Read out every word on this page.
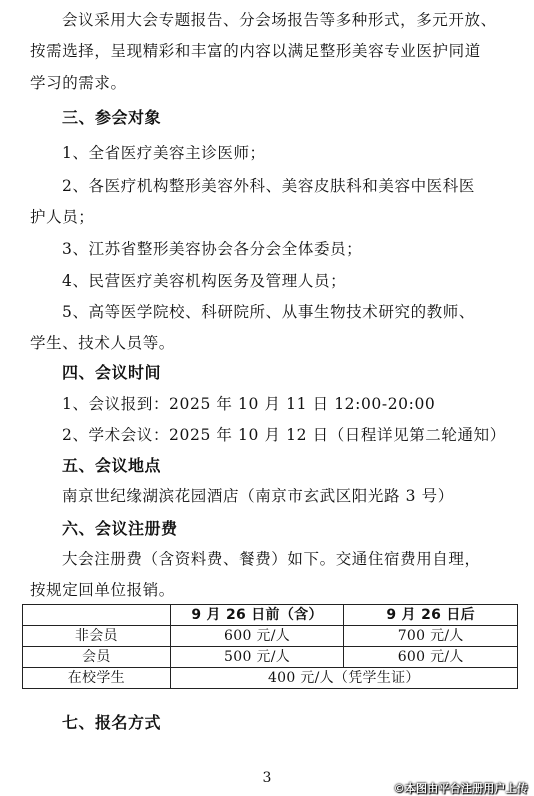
会议采用大会专题报告、分会场报告等多种形式，多元开放、
按需选择，呈现精彩和丰富的内容以满足整形美容专业医护同道
学习的需求。
三、参会对象
1、全省医疗美容主诊医师；
2、各医疗机构整形美容外科、美容皮肤科和美容中医科医
护人员；
3、江苏省整形美容协会各分会全体委员；
4、民营医疗美容机构医务及管理人员；
5、高等医学院校、科研院所、从事生物技术研究的教师、
学生、技术人员等。
四、会议时间
1、会议报到：2025 年 10 月 11 日 12:00-20:00
2、学术会议：2025 年 10 月 12 日（日程详见第二轮通知）
五、会议地点
南京世纪缘湖滨花园酒店（南京市玄武区阳光路 3 号）
六、会议注册费
大会注册费（含资料费、餐费）如下。交通住宿费用自理，
按规定回单位报销。
	9 月 26 日前（含）	9 月 26 日后
非会员	600 元/人	700 元/人
会员	500 元/人	600 元/人
在校学生	400 元/人（凭学生证）	
七、报名方式
3
©本图由平台注册用户上传
